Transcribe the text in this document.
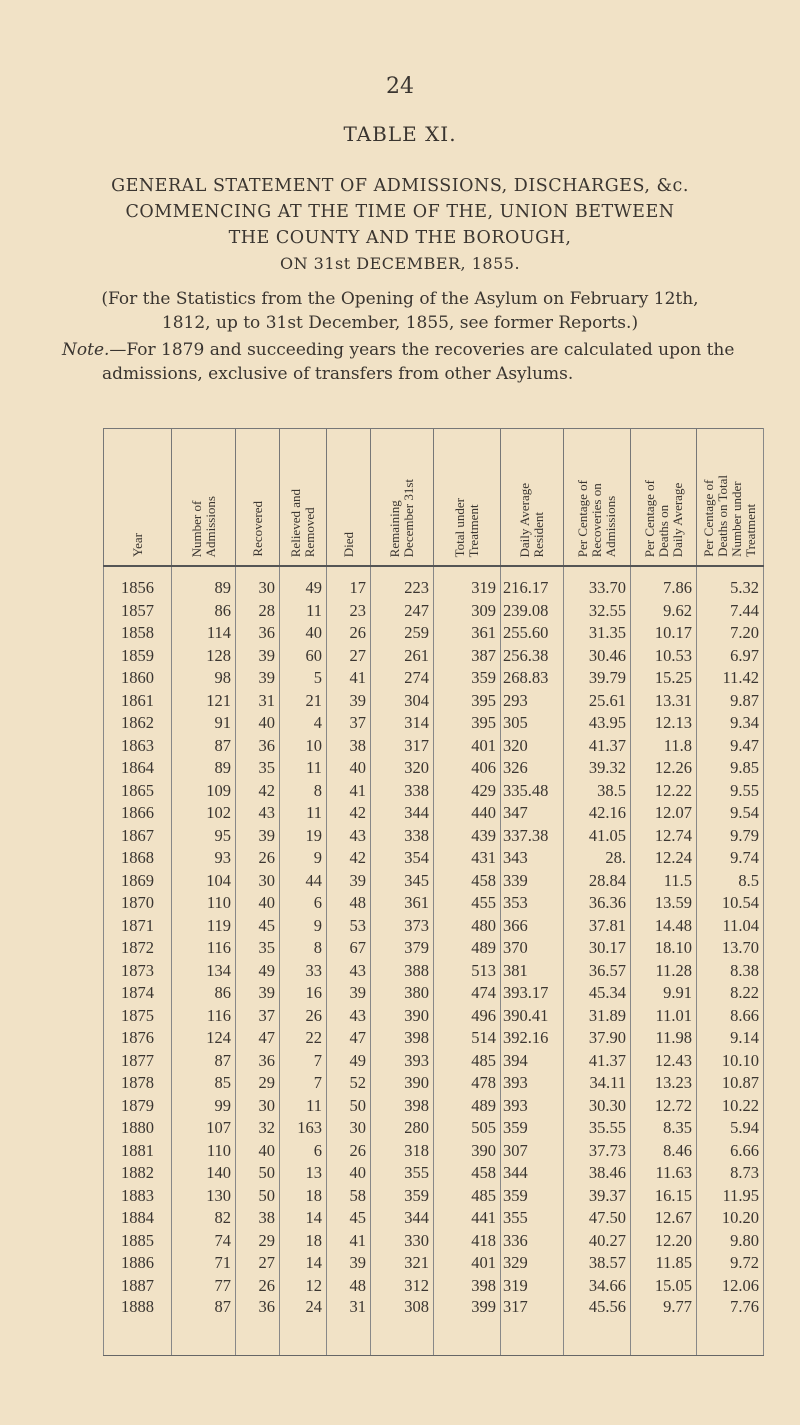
24
TABLE XI.
GENERAL STATEMENT OF ADMISSIONS, DISCHARGES, &c.
COMMENCING AT THE TIME OF THE, UNION BETWEEN
THE COUNTY AND THE BOROUGH,
ON 31st DECEMBER, 1855.
(For the Statistics from the Opening of the Asylum on February 12th,
1812, up to 31st December, 1855, see former Reports.)
Note.—For 1879 and succeeding years the recoveries are calculated upon the
admissions, exclusive of transfers from other Asylums.
Year	Number of Admissions	Recovered	Relieved and Removed	Died	Remaining December 31st	Total under Treatment	Daily Average Resident	Per Centage of Recoveries on Admissions	Per Centage of Deaths on Daily Average	Per Centage of Deaths on Total Number under Treatment

1856	89	30	49	17	223	319	216.17	33.70	7.86	5.32
1857	86	28	11	23	247	309	239.08	32.55	9.62	7.44
1858	114	36	40	26	259	361	255.60	31.35	10.17	7.20
1859	128	39	60	27	261	387	256.38	30.46	10.53	6.97
1860	98	39	5	41	274	359	268.83	39.79	15.25	11.42
1861	121	31	21	39	304	395	293	25.61	13.31	9.87
1862	91	40	4	37	314	395	305	43.95	12.13	9.34
1863	87	36	10	38	317	401	320	41.37	11.8	9.47
1864	89	35	11	40	320	406	326	39.32	12.26	9.85
1865	109	42	8	41	338	429	335.48	38.5	12.22	9.55
1866	102	43	11	42	344	440	347	42.16	12.07	9.54
1867	95	39	19	43	338	439	337.38	41.05	12.74	9.79
1868	93	26	9	42	354	431	343	28.	12.24	9.74
1869	104	30	44	39	345	458	339	28.84	11.5	8.5
1870	110	40	6	48	361	455	353	36.36	13.59	10.54
1871	119	45	9	53	373	480	366	37.81	14.48	11.04
1872	116	35	8	67	379	489	370	30.17	18.10	13.70
1873	134	49	33	43	388	513	381	36.57	11.28	8.38
1874	86	39	16	39	380	474	393.17	45.34	9.91	8.22
1875	116	37	26	43	390	496	390.41	31.89	11.01	8.66
1876	124	47	22	47	398	514	392.16	37.90	11.98	9.14
1877	87	36	7	49	393	485	394	41.37	12.43	10.10
1878	85	29	7	52	390	478	393	34.11	13.23	10.87
1879	99	30	11	50	398	489	393	30.30	12.72	10.22
1880	107	32	163	30	280	505	359	35.55	8.35	5.94
1881	110	40	6	26	318	390	307	37.73	8.46	6.66
1882	140	50	13	40	355	458	344	38.46	11.63	8.73
1883	130	50	18	58	359	485	359	39.37	16.15	11.95
1884	82	38	14	45	344	441	355	47.50	12.67	10.20
1885	74	29	18	41	330	418	336	40.27	12.20	9.80
1886	71	27	14	39	321	401	329	38.57	11.85	9.72
1887	77	26	12	48	312	398	319	34.66	15.05	12.06
1888	87	36	24	31	308	399	317	45.56	9.77	7.76
